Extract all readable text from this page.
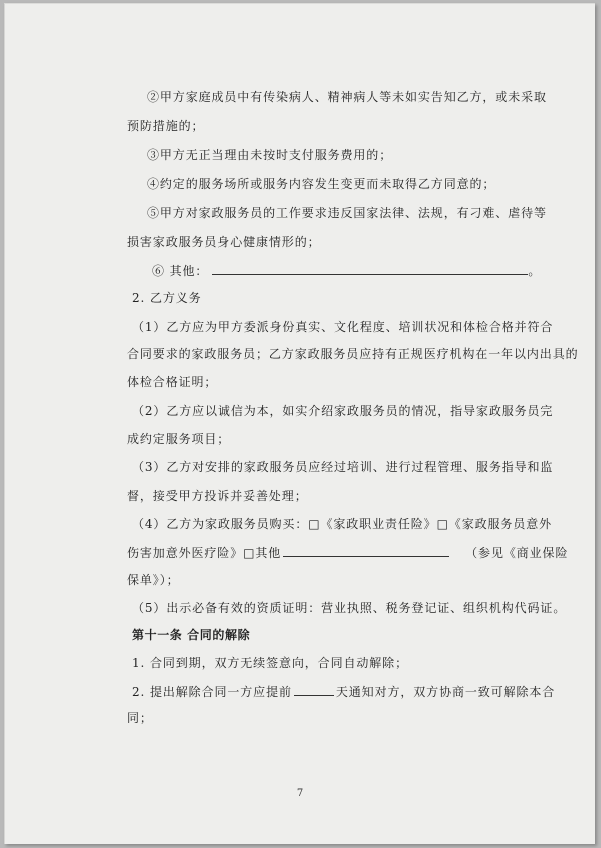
②甲方家庭成员中有传染病人、精神病人等未如实告知乙方，或未采取
预防措施的；
③甲方无正当理由未按时支付服务费用的；
④约定的服务场所或服务内容发生变更而未取得乙方同意的；
⑤甲方对家政服务员的工作要求违反国家法律、法规，有刁难、虐待等
损害家政服务员身心健康情形的；
⑥ 其他：	。
2. 乙方义务
（1）乙方应为甲方委派身份真实、文化程度、培训状况和体检合格并符合
合同要求的家政服务员；乙方家政服务员应持有正规医疗机构在一年以内出具的
体检合格证明；
（2）乙方应以诚信为本，如实介绍家政服务员的情况，指导家政服务员完
成约定服务项目；
（3）乙方对安排的家政服务员应经过培训、进行过程管理、服务指导和监
督，接受甲方投诉并妥善处理；
（4）乙方为家政服务员购买：□《家政职业责任险》□《家政服务员意外
伤害加意外医疗险》□其他	（参见《商业保险
保单》）；
（5）出示必备有效的资质证明：营业执照、税务登记证、组织机构代码证。
第十一条 合同的解除
1. 合同到期，双方无续签意向，合同自动解除；
2. 提出解除合同一方应提前	天通知对方，双方协商一致可解除本合
同；
7
